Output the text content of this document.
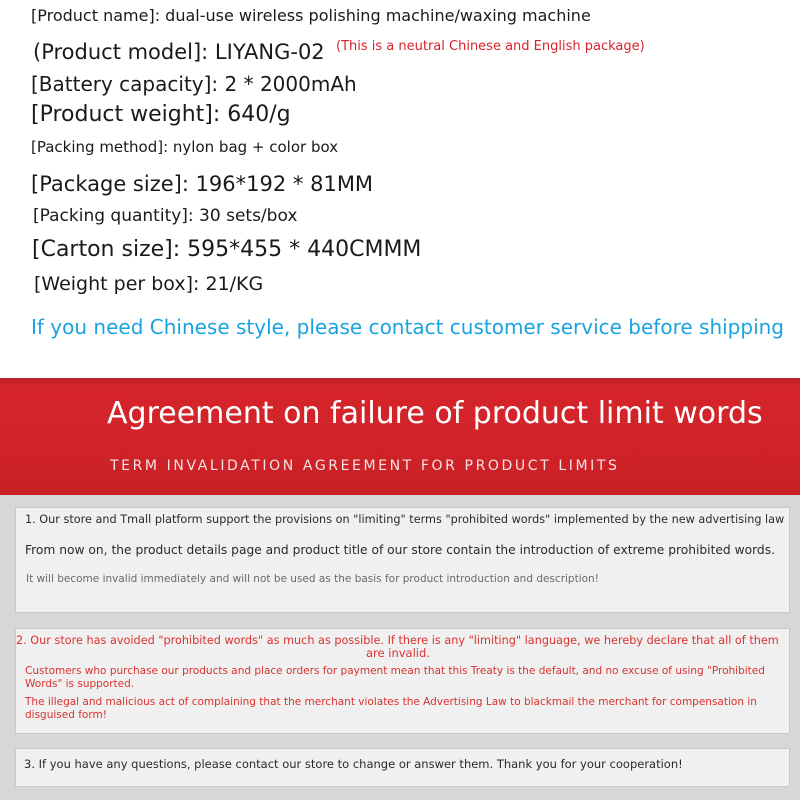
[Product name]: dual-use wireless polishing machine/waxing machine
(Product model]: LIYANG-02 (This is a neutral Chinese and English package)
[Battery capacity]: 2 * 2000mAh
[Product weight]: 640/g
[Packing method]: nylon bag + color box
[Package size]: 196*192 * 81MM
[Packing quantity]: 30 sets/box
[Carton size]: 595*455 * 440CMMM
[Weight per box]: 21/KG
If you need Chinese style, please contact customer service before shipping
Agreement on failure of product limit words
TERM INVALIDATION AGREEMENT FOR PRODUCT LIMITS
1. Our store and Tmall platform support the provisions on "limiting" terms "prohibited words" implemented by the new advertising law
From now on, the product details page and product title of our store contain the introduction of extreme prohibited words.
It will become invalid immediately and will not be used as the basis for product introduction and description!
2. Our store has avoided "prohibited words" as much as possible. If there is any "limiting" language, we hereby declare that all of them
are invalid.
Customers who purchase our products and place orders for payment mean that this Treaty is the default, and no excuse of using "Prohibited
Words" is supported.
The illegal and malicious act of complaining that the merchant violates the Advertising Law to blackmail the merchant for compensation in
disguised form!
3. If you have any questions, please contact our store to change or answer them. Thank you for your cooperation!
